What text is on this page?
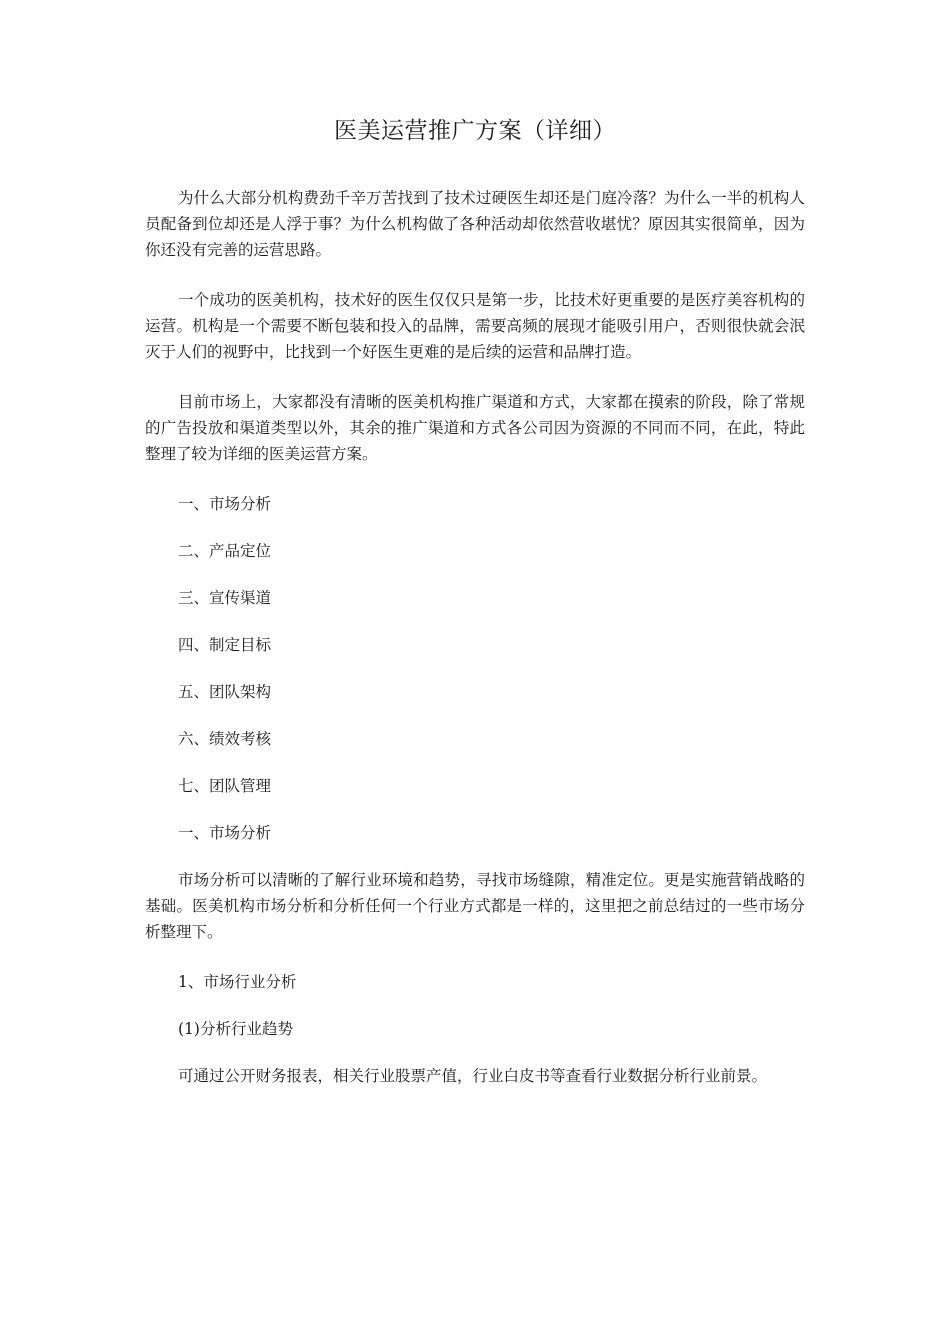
医美运营推广方案（详细）

为什么大部分机构费劲千辛万苦找到了技术过硬医生却还是门庭冷落？为什么一半的机构人员配备到位却还是人浮于事？为什么机构做了各种活动却依然营收堪忧？原因其实很简单，因为你还没有完善的运营思路。

一个成功的医美机构，技术好的医生仅仅只是第一步，比技术好更重要的是医疗美容机构的运营。机构是一个需要不断包装和投入的品牌，需要高频的展现才能吸引用户，否则很快就会泯灭于人们的视野中，比找到一个好医生更难的是后续的运营和品牌打造。

目前市场上，大家都没有清晰的医美机构推广渠道和方式，大家都在摸索的阶段，除了常规的广告投放和渠道类型以外，其余的推广渠道和方式各公司因为资源的不同而不同，在此，特此整理了较为详细的医美运营方案。

一、市场分析

二、产品定位

三、宣传渠道

四、制定目标

五、团队架构

六、绩效考核

七、团队管理

一、市场分析

市场分析可以清晰的了解行业环境和趋势，寻找市场缝隙，精准定位。更是实施营销战略的基础。医美机构市场分析和分析任何一个行业方式都是一样的，这里把之前总结过的一些市场分析整理下。

1、市场行业分析

(1)分析行业趋势

可通过公开财务报表，相关行业股票产值，行业白皮书等查看行业数据分析行业前景。
